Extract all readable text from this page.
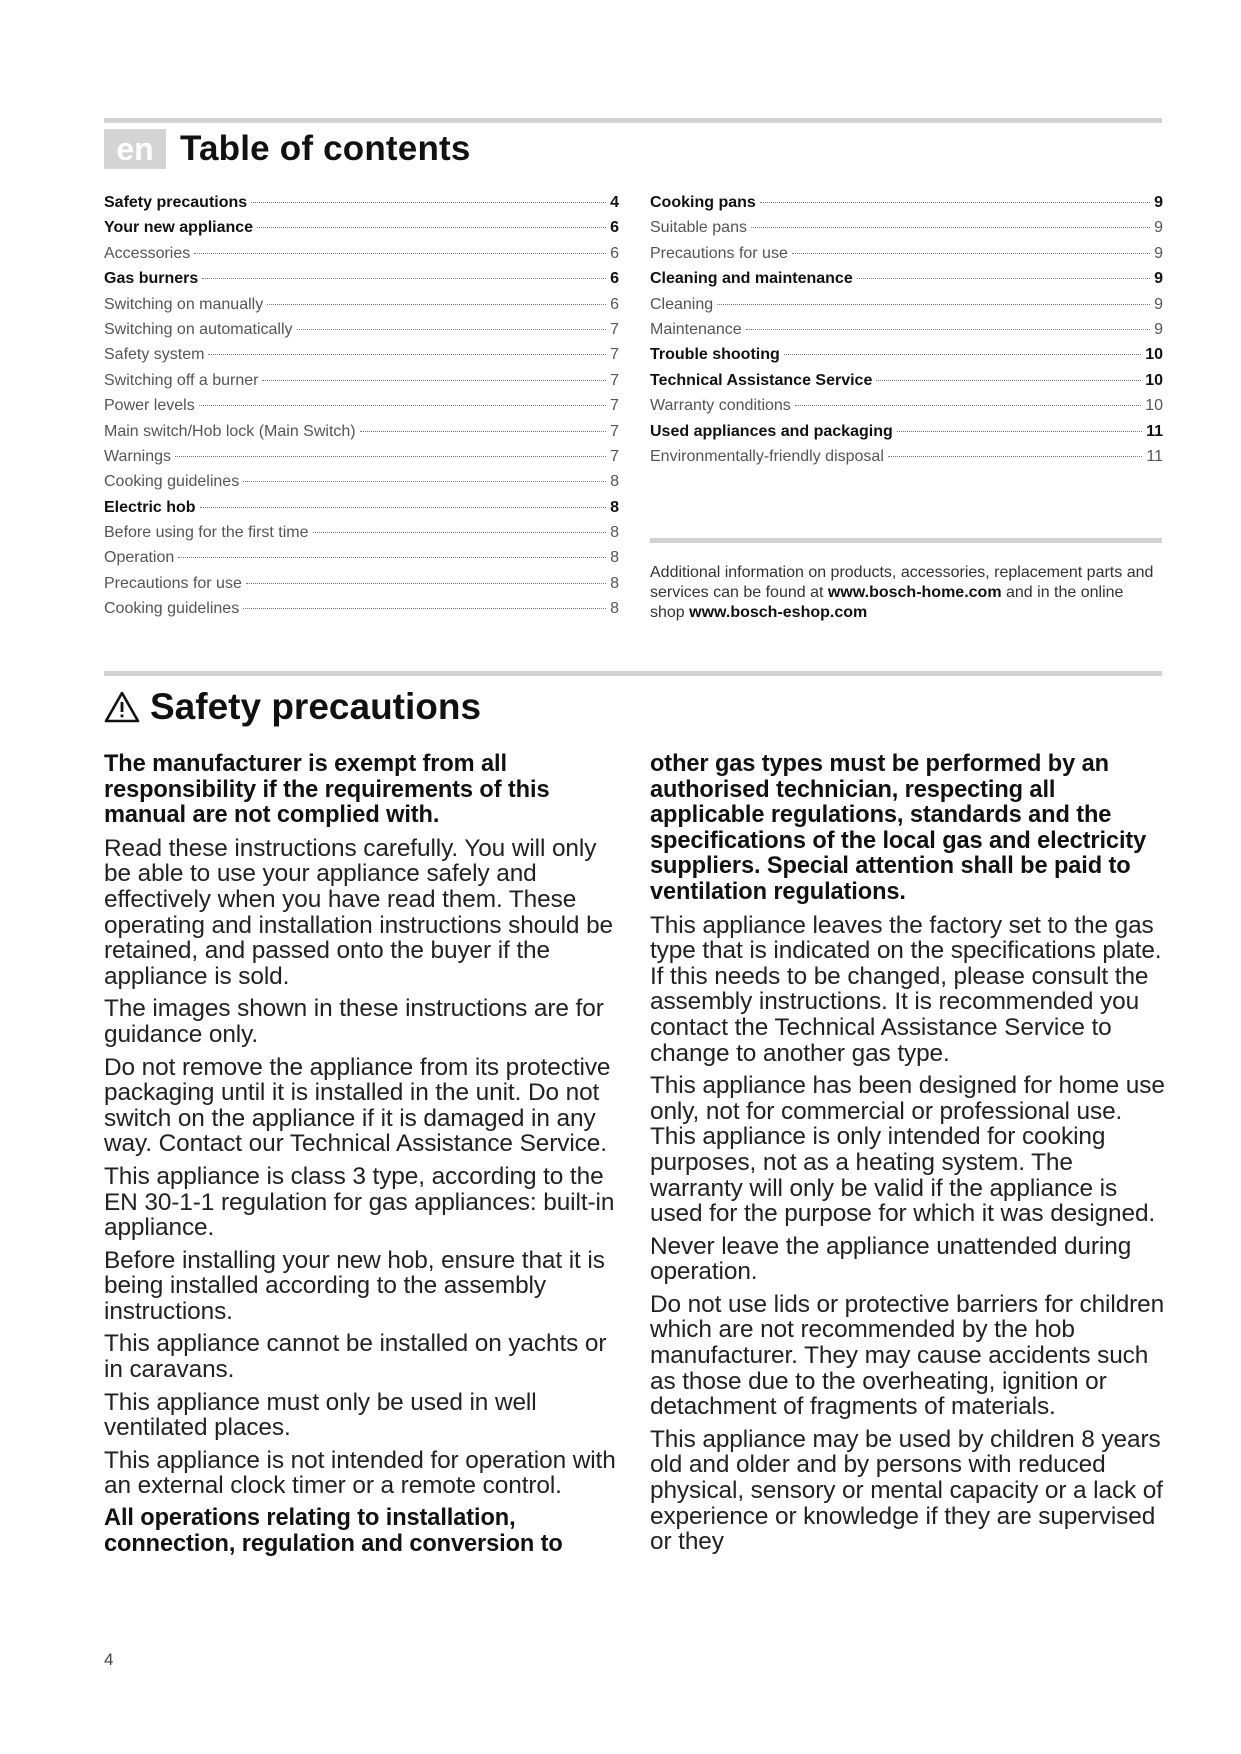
en Table of contents
Safety precautions	4
Your new appliance	6
Accessories	6
Gas burners	6
Switching on manually	6
Switching on automatically	7
Safety system	7
Switching off a burner	7
Power levels	7
Main switch/Hob lock (Main Switch)	7
Warnings	7
Cooking guidelines	8
Electric hob	8
Before using for the first time	8
Operation	8
Precautions for use	8
Cooking guidelines	8
Cooking pans	9
Suitable pans	9
Precautions for use	9
Cleaning and maintenance	9
Cleaning	9
Maintenance	9
Trouble shooting	10
Technical Assistance Service	10
Warranty conditions	10
Used appliances and packaging	11
Environmentally-friendly disposal	11
Additional information on products, accessories, replacement parts and services can be found at www.bosch-home.com and in the online shop www.bosch-eshop.com
Safety precautions

The manufacturer is exempt from all responsibility if the requirements of this manual are not complied with.

Read these instructions carefully. You will only be able to use your appliance safely and effectively when you have read them. These operating and installation instructions should be retained, and passed onto the buyer if the appliance is sold.

The images shown in these instructions are for guidance only.

Do not remove the appliance from its protective packaging until it is installed in the unit. Do not switch on the appliance if it is damaged in any way. Contact our Technical Assistance Service.

This appliance is class 3 type, according to the EN 30-1-1 regulation for gas appliances: built-in appliance.

Before installing your new hob, ensure that it is being installed according to the assembly instructions.

This appliance cannot be installed on yachts or in caravans.

This appliance must only be used in well ventilated places.

This appliance is not intended for operation with an external clock timer or a remote control.

All operations relating to installation, connection, regulation and conversion to

other gas types must be performed by an authorised technician, respecting all applicable regulations, standards and the specifications of the local gas and electricity suppliers. Special attention shall be paid to ventilation regulations.

This appliance leaves the factory set to the gas type that is indicated on the specifications plate. If this needs to be changed, please consult the assembly instructions. It is recommended you contact the Technical Assistance Service to change to another gas type.

This appliance has been designed for home use only, not for commercial or professional use. This appliance is only intended for cooking purposes, not as a heating system. The warranty will only be valid if the appliance is used for the purpose for which it was designed.

Never leave the appliance unattended during operation.

Do not use lids or protective barriers for children which are not recommended by the hob manufacturer. They may cause accidents such as those due to the overheating, ignition or detachment of fragments of materials.

This appliance may be used by children 8 years old and older and by persons with reduced physical, sensory or mental capacity or a lack of experience or knowledge if they are supervised or they

4
